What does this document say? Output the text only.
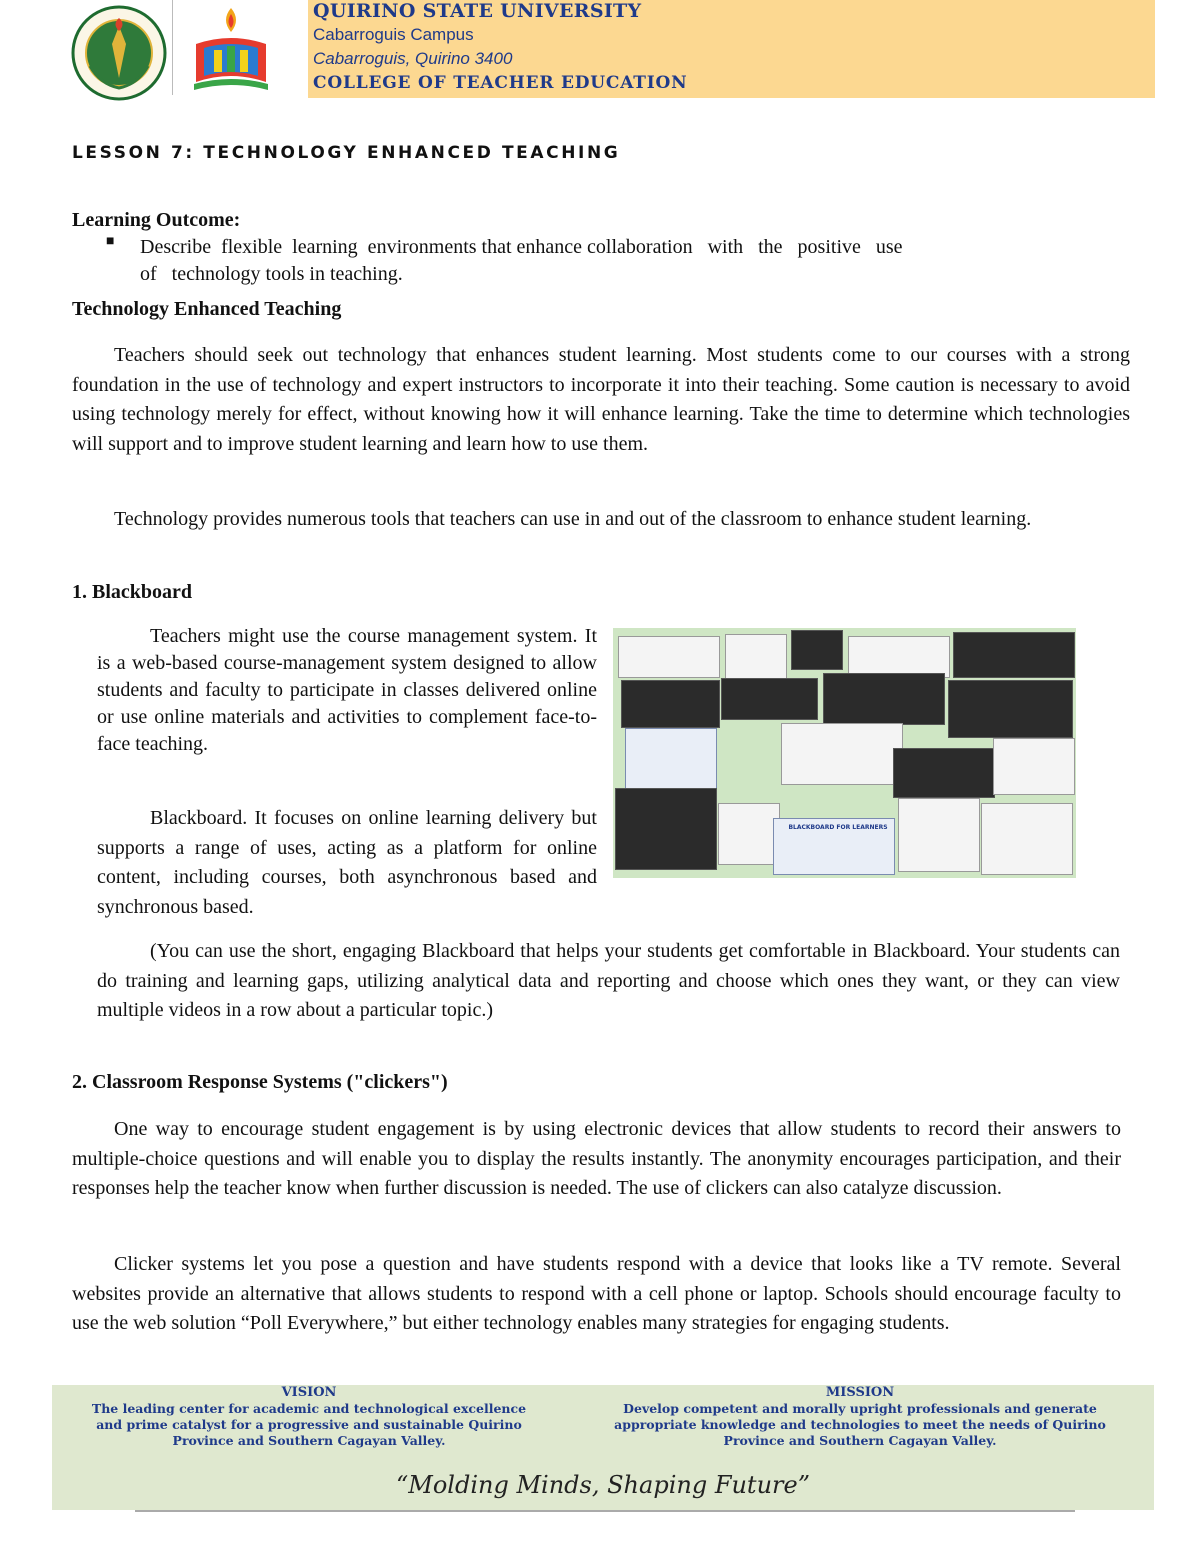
QUIRINO STATE UNIVERSITY
Cabarroguis Campus
Cabarroguis, Quirino 3400
COLLEGE OF TEACHER EDUCATION
LESSON 7: TECHNOLOGY ENHANCED TEACHING
Learning Outcome:
■ Describe  flexible  learning  environments that enhance collaboration   with   the   positive   use
of   technology tools in teaching.
Technology Enhanced Teaching

Teachers should seek out technology that enhances student learning. Most students come to our courses with a strong foundation in the use of technology and expert instructors to incorporate it into their teaching. Some caution is necessary to avoid using technology merely for effect, without knowing how it will enhance learning. Take the time to determine which technologies will support and to improve student learning and learn how to use them.

Technology provides numerous tools that teachers can use in and out of the classroom to enhance student learning.

1. Blackboard

Teachers might use the course management system. It is a web-based course-management system designed to allow students and faculty to participate in classes delivered online or use online materials and activities to complement face-to-face teaching.

Blackboard. It focuses on online learning delivery but supports a range of uses, acting as a platform for online content, including courses, both asynchronous based and synchronous based.

BLACKBOARD FOR LEARNERS

(You can use the short, engaging Blackboard that helps your students get comfortable in Blackboard. Your students can do training and learning gaps, utilizing analytical data and reporting and choose which ones they want, or they can view multiple videos in a row about a particular topic.)

2. Classroom Response Systems ("clickers")

One way to encourage student engagement is by using electronic devices that allow students to record their answers to multiple-choice questions and will enable you to display the results instantly. The anonymity encourages participation, and their responses help the teacher know when further discussion is needed. The use of clickers can also catalyze discussion.

Clicker systems let you pose a question and have students respond with a device that looks like a TV remote. Several websites provide an alternative that allows students to respond with a cell phone or laptop. Schools should encourage faculty to use the web solution “Poll Everywhere,” but either technology enables many strategies for engaging students.

VISION
The leading center for academic and technological excellence
and prime catalyst for a progressive and sustainable Quirino
Province and Southern Cagayan Valley.
MISSION
Develop competent and morally upright professionals and generate
appropriate knowledge and technologies to meet the needs of Quirino
Province and Southern Cagayan Valley.
“Molding Minds, Shaping Future”
